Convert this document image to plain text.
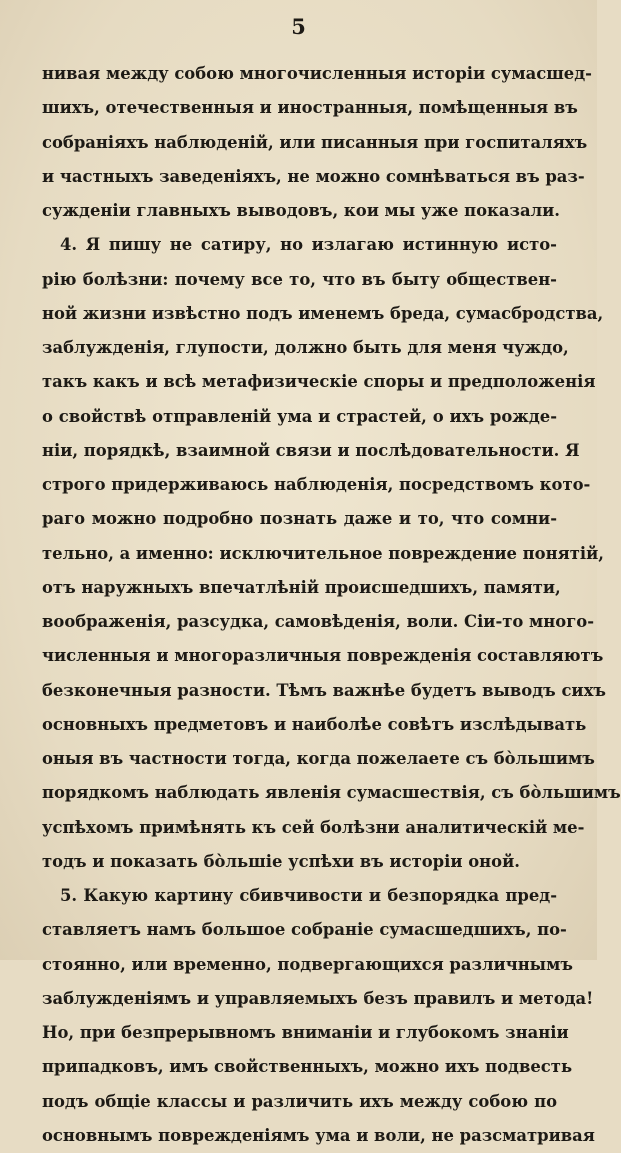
5
нивая между собою многочисленныя исторіи сумасшед-
шихъ, отечественныя и иностранныя, помѣщенныя въ
собраніяхъ наблюденій, или писанныя при госпиталяхъ
и частныхъ заведеніяхъ, не можно сомнѣваться въ раз-
сужденіи главныхъ выводовъ, кои мы уже показали.
4. Я пишу не сатиру, но излагаю истинную исто-
рію болѣзни: почему все то, что въ быту обществен-
ной жизни извѣстно подъ именемъ бреда, сумасбродства,
заблужденія, глупости, должно быть для меня чуждо,
такъ какъ и всѣ метафизическіе споры и предположенія
о свойствѣ отправленій ума и страстей, о ихъ рожде-
ніи, порядкѣ, взаимной связи и послѣдовательности. Я
строго придерживаюсь наблюденія, посредствомъ кото-
раго можно подробно познать даже и то, что сомни-
тельно, а именно: исключительное повреждение понятій,
отъ наружныхъ впечатлѣній происшедшихъ, памяти,
воображенія, разсудка, самовѣденія, воли. Сіи-то много-
численныя и многоразличныя поврежденія составляютъ
безконечныя разности. Тѣмъ важнѣе будетъ выводъ сихъ
основныхъ предметовъ и наиболѣе совѣтъ изслѣдывать
оныя въ частности тогда, когда пожелаете съ бо̀льшимъ
порядкомъ наблюдать явленія сумасшествія, съ бо̀льшимъ
успѣхомъ примѣнять къ сей болѣзни аналитическій ме-
тодъ и показать бо̀льшіе успѣхи въ исторіи оной.
5. Какую картину сбивчивости и безпорядка пред-
ставляетъ намъ большое собраніе сумасшедшихъ, по-
стоянно, или временно, подвергающихся различнымъ
заблужденіямъ и управляемыхъ безъ правилъ и метода!
Но, при безпрерывномъ вниманіи и глубокомъ знаніи
припадковъ, имъ свойственныхъ, можно ихъ подвесть
подъ общіе классы и различить ихъ между собою по
основнымъ поврежденіямъ ума и воли, не разсматривая
